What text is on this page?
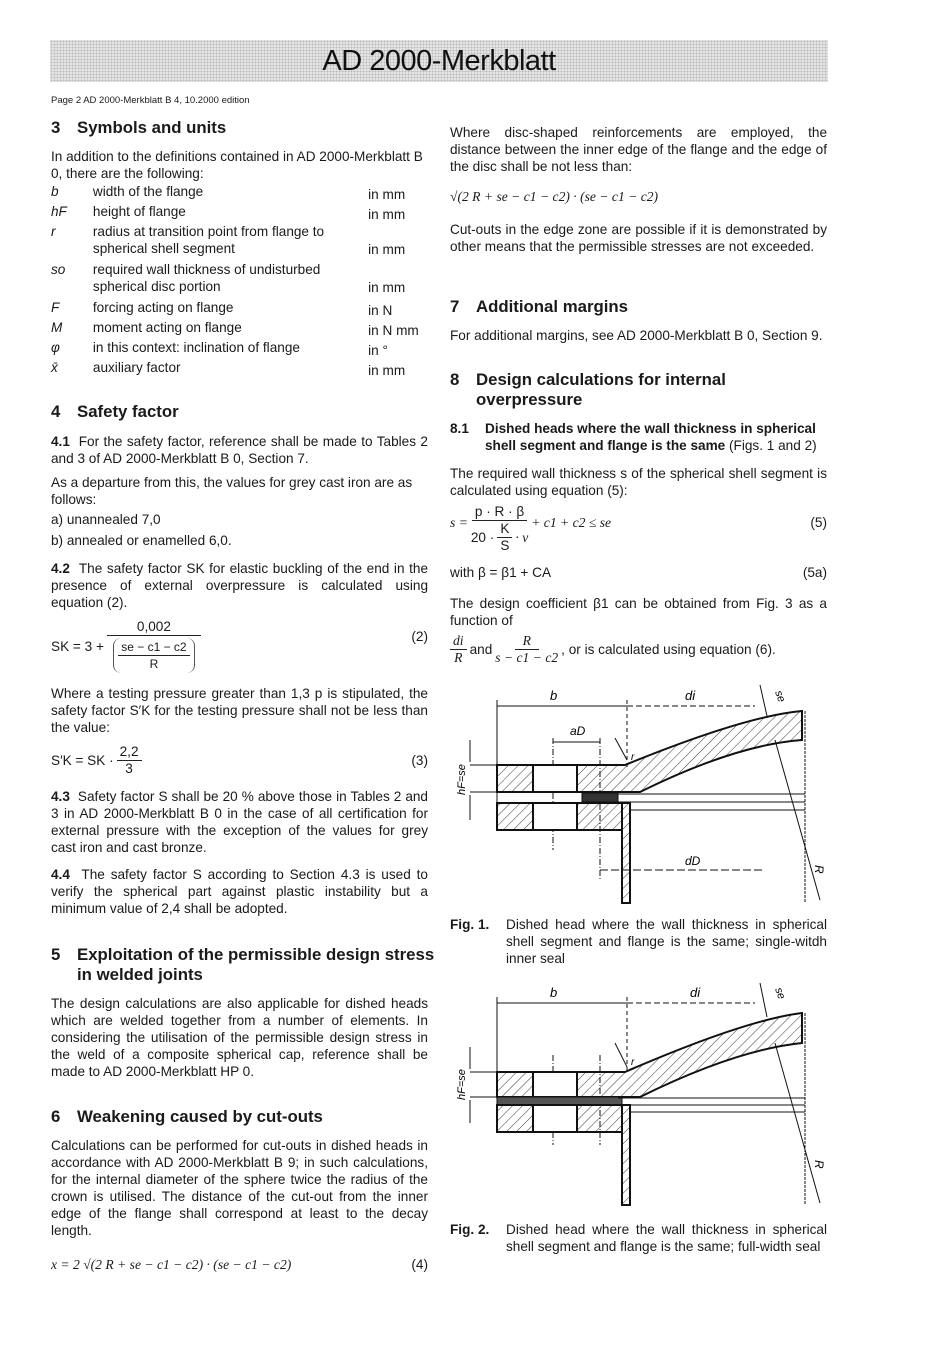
AD 2000-Merkblatt
Page 2 AD 2000-Merkblatt B 4, 10.2000 edition
3 Symbols and units
In addition to the definitions contained in AD 2000-Merkblatt B 0, there are the following:
b	width of the flange	in mm
hF	height of flange	in mm
r	radius at transition point from flange to spherical shell segment	in mm
so	required wall thickness of undisturbed spherical disc portion	in mm
F	forcing acting on flange	in N
M	moment acting on flange	in N mm
φ	in this context: inclination of flange	in °
x̄	auxiliary factor	in mm
4 Safety factor
4.1 For the safety factor, reference shall be made to Tables 2 and 3 of AD 2000-Merkblatt B 0, Section 7.
As a departure from this, the values for grey cast iron are as follows:
a) unannealed 7,0
b) annealed or enamelled 6,0.
4.2 The safety factor SK for elastic buckling of the end in the presence of external overpressure is calculated using equation (2).
SK = $3 + \frac{0,002}{\frac{se - c1 - c2}{R}}$	(2)
Where a testing pressure greater than 1,3 p is stipulated, the safety factor S′K for the testing pressure shall not be less than the value:
S′K = SK · $\frac{2,2}{3}$	(3)
4.3 Safety factor S shall be 20 % above those in Tables 2 and 3 in AD 2000-Merkblatt B 0 in the case of all certification for external pressure with the exception of the values for grey cast iron and cast bronze.
4.4 The safety factor S according to Section 4.3 is used to verify the spherical part against plastic instability but a minimum value of 2,4 shall be adopted.
5 Exploitation of the permissible design stress in welded joints
The design calculations are also applicable for dished heads which are welded together from a number of elements. In considering the utilisation of the permissible design stress in the weld of a composite spherical cap, reference shall be made to AD 2000-Merkblatt HP 0.
6 Weakening caused by cut-outs
Calculations can be performed for cut-outs in dished heads in accordance with AD 2000-Merkblatt B 9; in such calculations, for the internal diameter of the sphere twice the radius of the crown is utilised. The distance of the cut-out from the inner edge of the flange shall correspond at least to the decay length.
x = 2 √(2 R + se − c1 − c2) · (se − c1 − c2)	(4)
Where disc-shaped reinforcements are employed, the distance between the inner edge of the flange and the edge of the disc shall be not less than:
√(2 R + se − c1 − c2) · (se − c1 − c2)
Cut-outs in the edge zone are possible if it is demonstrated by other means that the permissible stresses are not exceeded.
7 Additional margins
For additional margins, see AD 2000-Merkblatt B 0, Section 9.
8 Design calculations for internal overpressure
8.1 Dished heads where the wall thickness in spherical shell segment and flange is the same (Figs. 1 and 2)
The required wall thickness s of the spherical shell segment is calculated using equation (5):
$s = \frac{p \cdot R \cdot \beta}{20 \cdot \frac{K}{S} \cdot v} + c1 + c2$ ≤ se	(5)
with β = β1 + CA	(5a)
The design coefficient β1 can be obtained from Fig. 3 as a function of
$\frac{di}{R}$ and $\frac{R}{s - c1 - c2}$ , or is calculated using equation (6).
b	di	se
aD
r
hF=se
dD
R
Fig. 1.	Dished head where the wall thickness in spherical shell segment and flange is the same; single-witdh inner seal
b	di	se
r
hF=se
R
Fig. 2.	Dished head where the wall thickness in spherical shell segment and flange is the same; full-width seal
